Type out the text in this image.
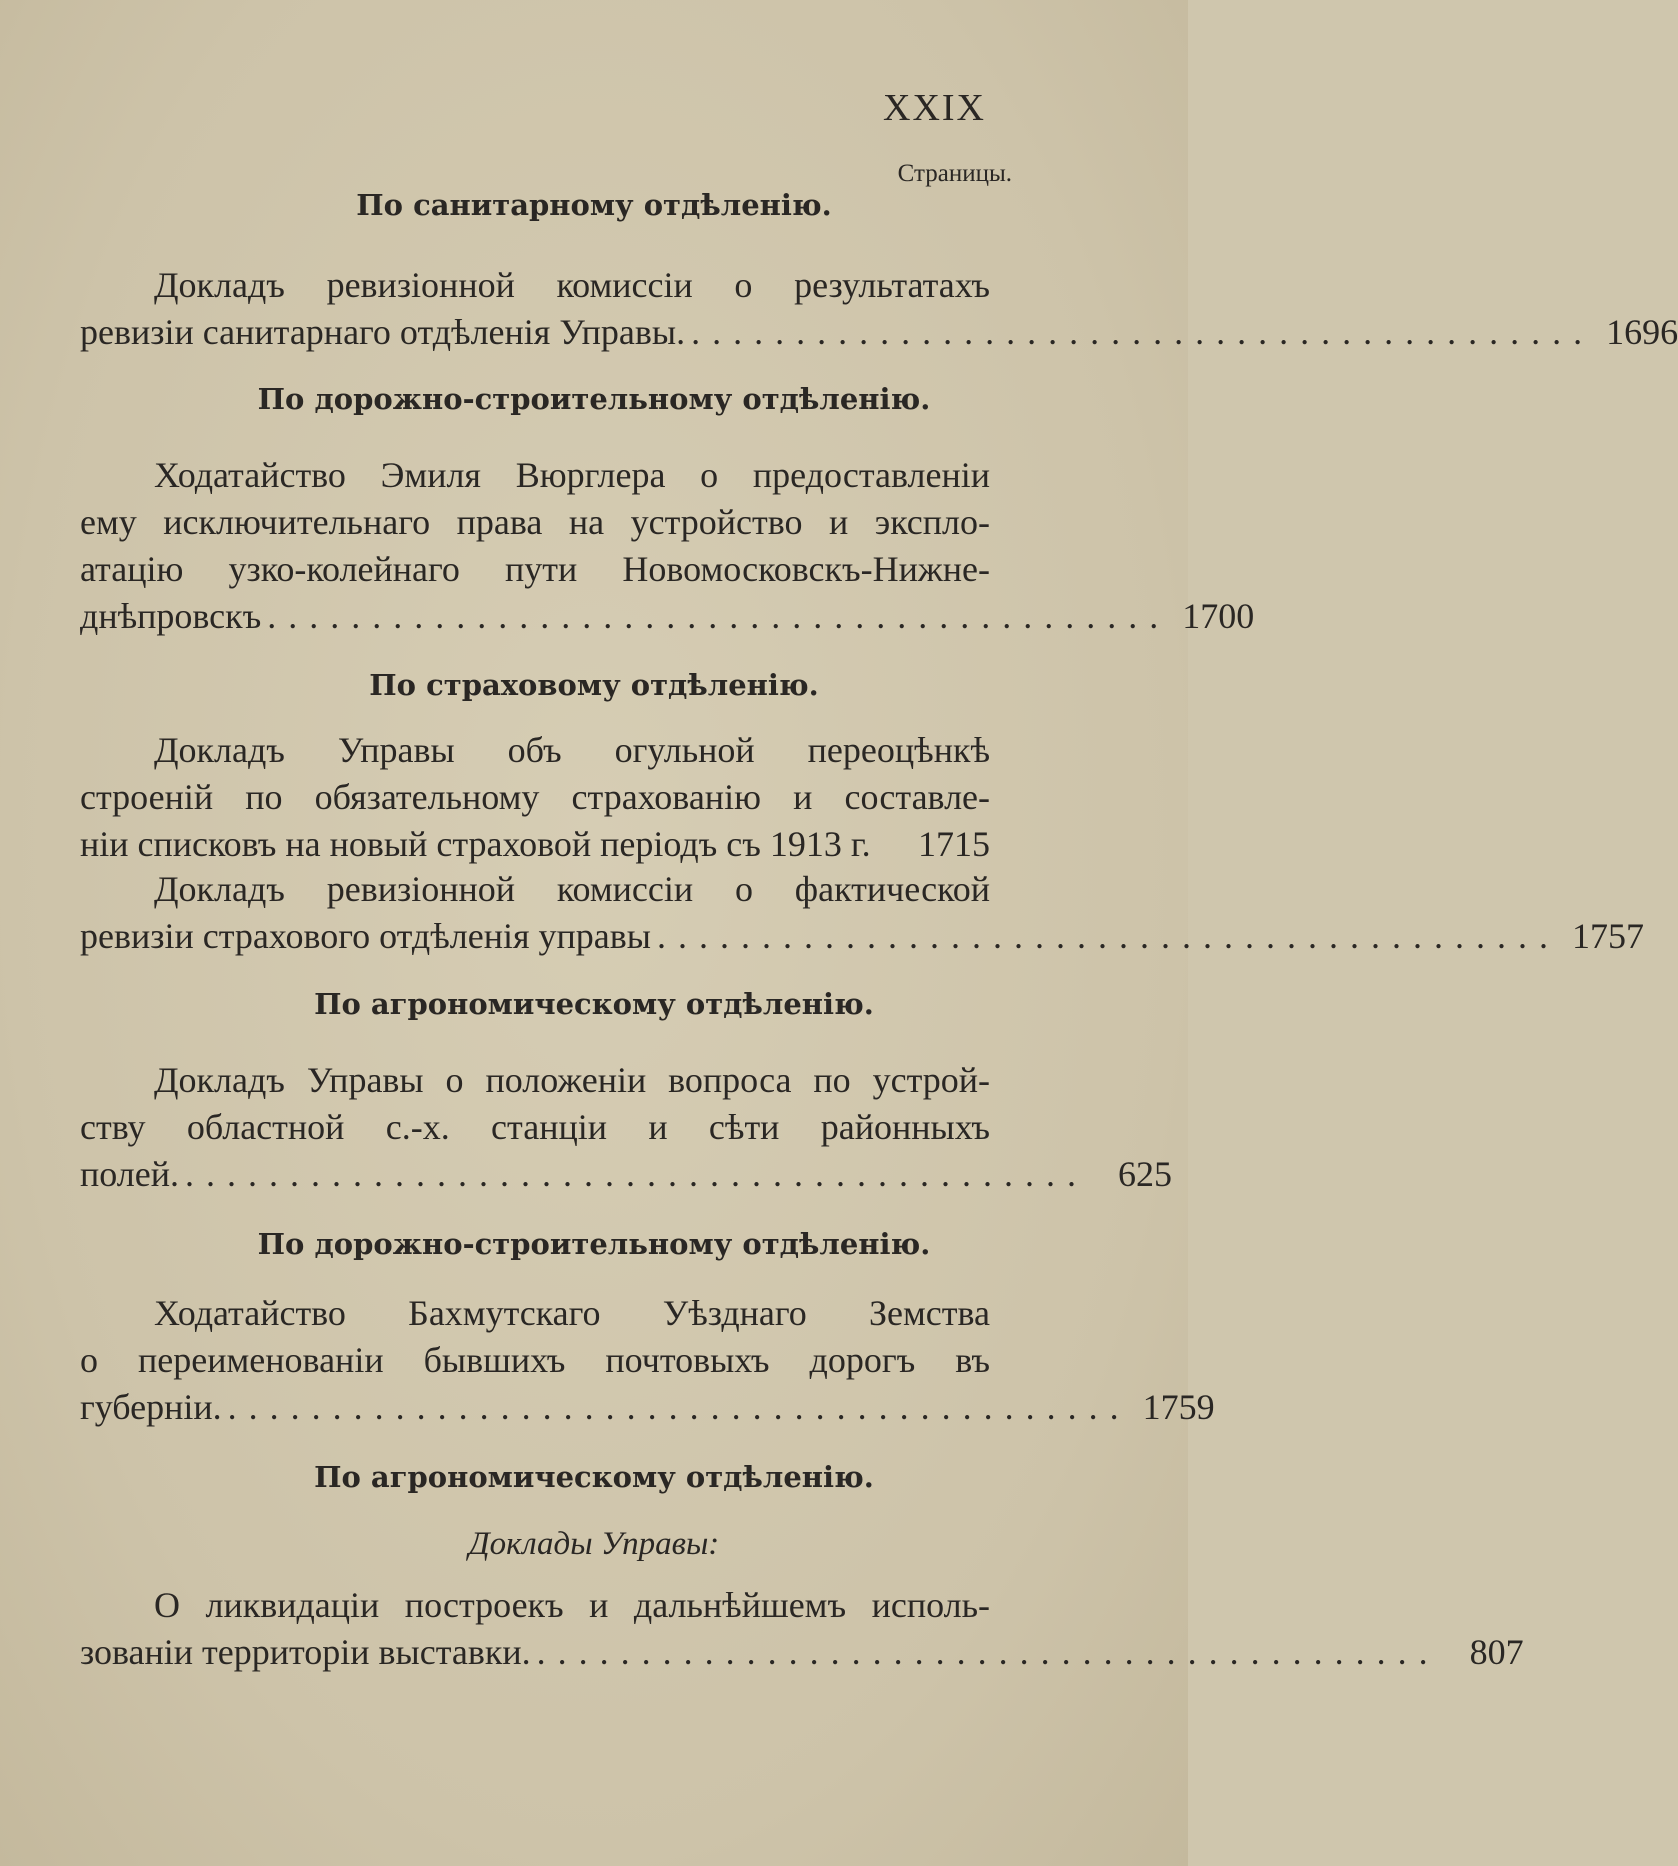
XXIX
Страницы.
По санитарному отдѣленію.
Докладъ ревизіонной комиссіи о результатахъ
ревизіи санитарнаго отдѣленія Управы. ........................................... 1696
По дорожно-строительному отдѣленію.
Ходатайство Эмиля Вюрглера о предоставленіи
ему исключительнаго права на устройство и экспло-
атацію узко-колейнаго пути Новомосковскъ-Нижне-
днѣпровскъ ........................................... 1700
По страховому отдѣленію.
Докладъ Управы объ огульной переоцѣнкѣ
строеній по обязательному страхованію и составле-
ніи списковъ на новый страховой періодъ съ 1913 г.	1715
Докладъ ревизіонной комиссіи о фактической
ревизіи страхового отдѣленія управы ........................................... 1757
По агрономическому отдѣленію.
Докладъ Управы о положеніи вопроса по устрой-
ству областной с.-х. станціи и сѣти районныхъ
полей. ........................................... 625
По дорожно-строительному отдѣленію.
Ходатайство Бахмутскаго Уѣзднаго Земства
о переименованіи бывшихъ почтовыхъ дорогъ въ
губерніи. ........................................... 1759
По агрономическому отдѣленію.
Доклады Управы:
О ликвидаціи построекъ и дальнѣйшемъ исполь-
зованіи территоріи выставки. ........................................... 807
